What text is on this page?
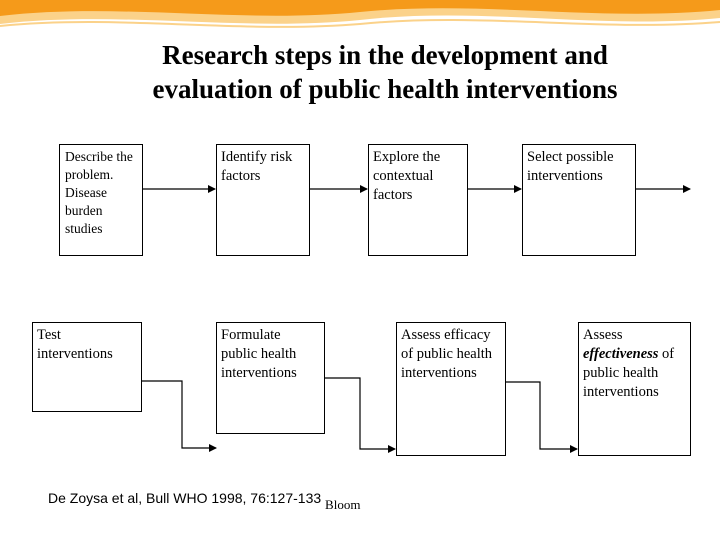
Research steps in the development and
evaluation of public health interventions
Describe the problem. Disease burden studies
Identify risk factors
Explore the contextual factors
Select possible interventions
Test interventions
Formulate public health interventions
Assess efficacy of public health interventions
Assess effectiveness of public health interventions
De Zoysa et al, Bull WHO 1998, 76:127-133 Bloom
